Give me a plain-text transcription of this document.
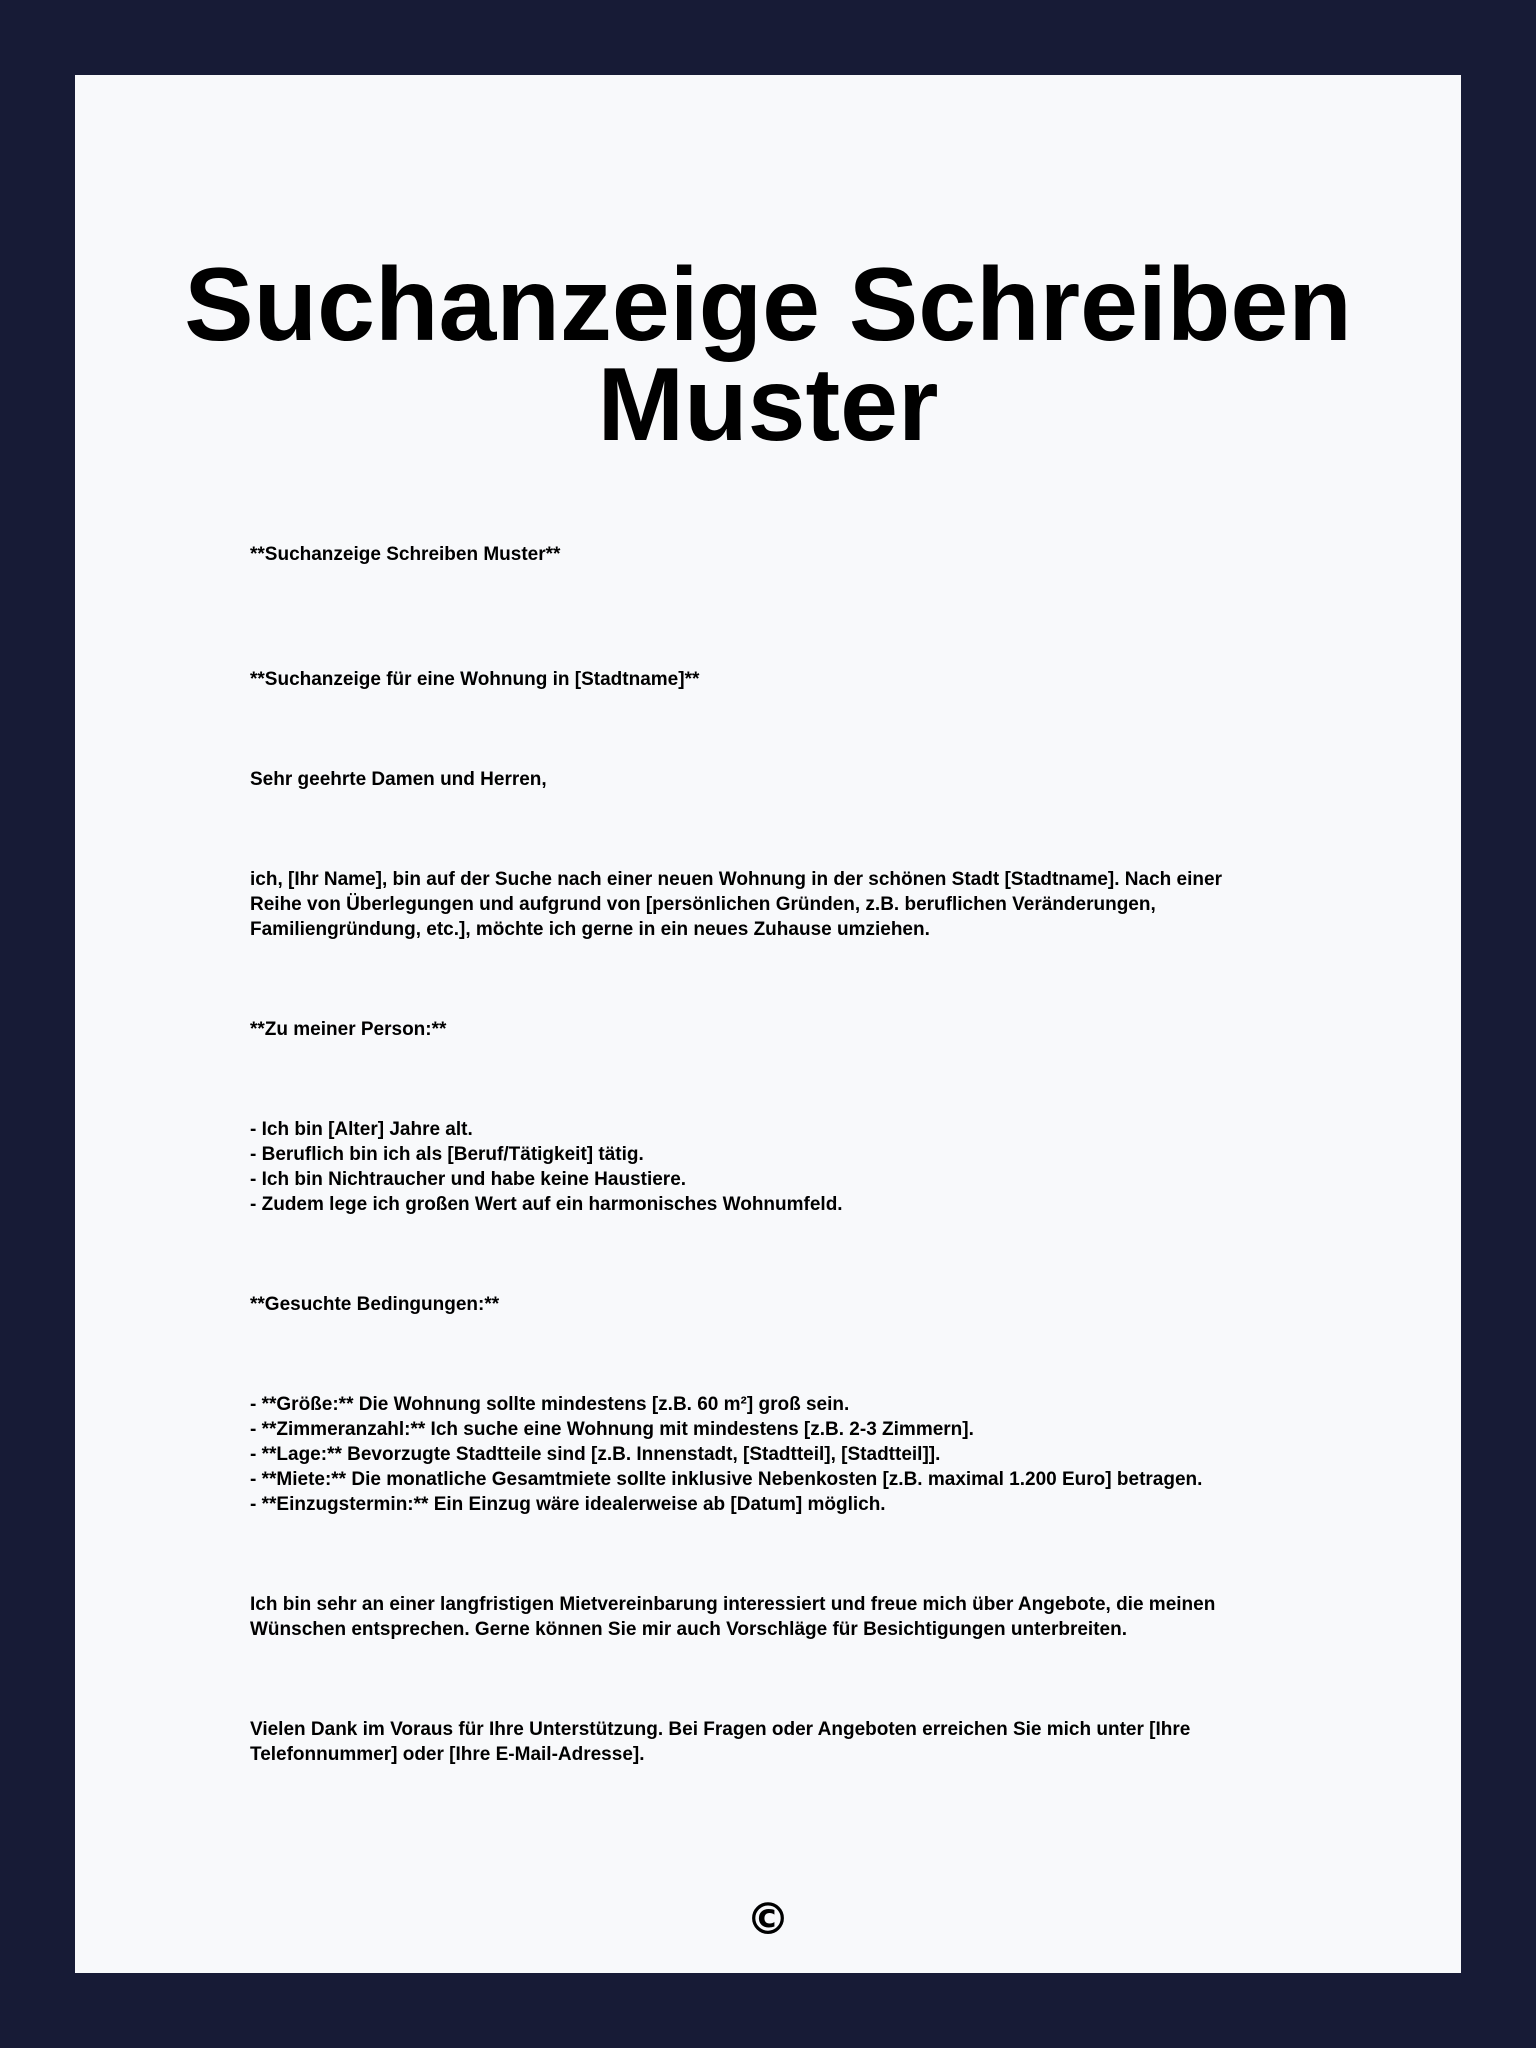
Suchanzeige Schreiben
Muster

**Suchanzeige Schreiben Muster**

**Suchanzeige für eine Wohnung in [Stadtname]**

Sehr geehrte Damen und Herren,

ich, [Ihr Name], bin auf der Suche nach einer neuen Wohnung in der schönen Stadt [Stadtname]. Nach einer
Reihe von Überlegungen und aufgrund von [persönlichen Gründen, z.B. beruflichen Veränderungen,
Familiengründung, etc.], möchte ich gerne in ein neues Zuhause umziehen.

**Zu meiner Person:**

- Ich bin [Alter] Jahre alt.
- Beruflich bin ich als [Beruf/Tätigkeit] tätig.
- Ich bin Nichtraucher und habe keine Haustiere.
- Zudem lege ich großen Wert auf ein harmonisches Wohnumfeld.

**Gesuchte Bedingungen:**

- **Größe:** Die Wohnung sollte mindestens [z.B. 60 m²] groß sein.
- **Zimmeranzahl:** Ich suche eine Wohnung mit mindestens [z.B. 2-3 Zimmern].
- **Lage:** Bevorzugte Stadtteile sind [z.B. Innenstadt, [Stadtteil], [Stadtteil]].
- **Miete:** Die monatliche Gesamtmiete sollte inklusive Nebenkosten [z.B. maximal 1.200 Euro] betragen.
- **Einzugstermin:** Ein Einzug wäre idealerweise ab [Datum] möglich.

Ich bin sehr an einer langfristigen Mietvereinbarung interessiert und freue mich über Angebote, die meinen
Wünschen entsprechen. Gerne können Sie mir auch Vorschläge für Besichtigungen unterbreiten.

Vielen Dank im Voraus für Ihre Unterstützung. Bei Fragen oder Angeboten erreichen Sie mich unter [Ihre
Telefonnummer] oder [Ihre E-Mail-Adresse].

©
